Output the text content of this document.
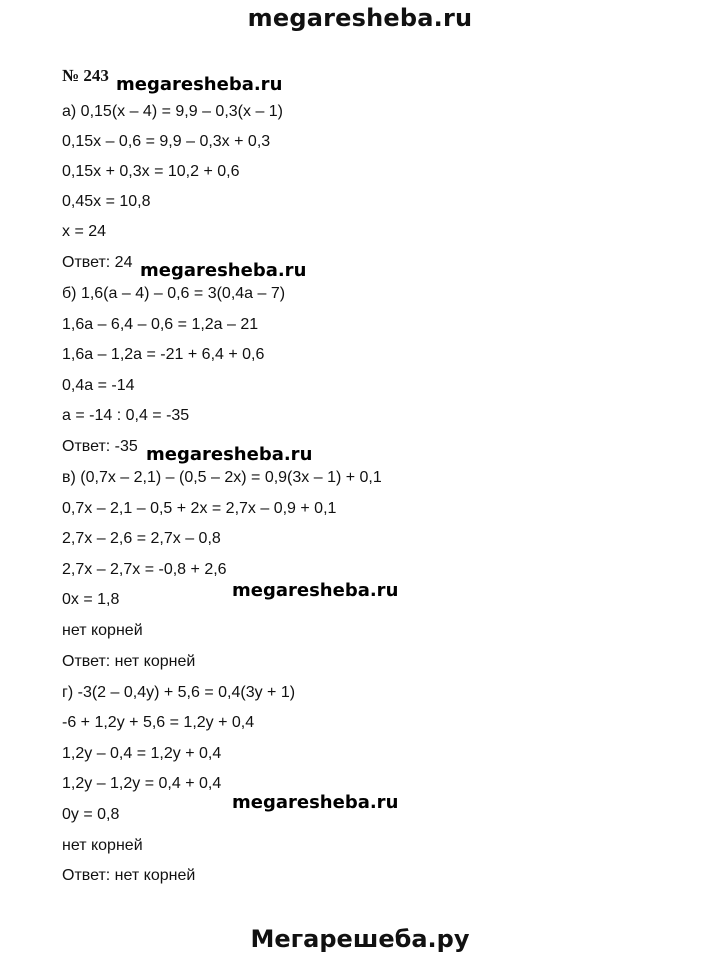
megaresheba.ru
№ 243 megaresheba.ru
а) 0,15(x – 4) = 9,9 – 0,3(x – 1)
0,15x – 0,6 = 9,9 – 0,3x + 0,3
0,15x + 0,3x = 10,2 + 0,6
0,45x = 10,8
x = 24
Ответ: 24 megaresheba.ru
б) 1,6(a – 4) – 0,6 = 3(0,4a – 7)
1,6a – 6,4 – 0,6 = 1,2a – 21
1,6a – 1,2a = -21 + 6,4 + 0,6
0,4a = -14
a = -14 : 0,4 = -35
Ответ: -35 megaresheba.ru
в) (0,7x – 2,1) – (0,5 – 2x) = 0,9(3x – 1) + 0,1
0,7x – 2,1 – 0,5 + 2x = 2,7x – 0,9 + 0,1
2,7x – 2,6 = 2,7x – 0,8
2,7x – 2,7x = -0,8 + 2,6
megaresheba.ru
0x = 1,8
нет корней
Ответ: нет корней
г) -3(2 – 0,4y) + 5,6 = 0,4(3y + 1)
-6 + 1,2y + 5,6 = 1,2y + 0,4
1,2y – 0,4 = 1,2y + 0,4
1,2y – 1,2y = 0,4 + 0,4
megaresheba.ru
0y = 0,8
нет корней
Ответ: нет корней
Мегарешеба.ру
